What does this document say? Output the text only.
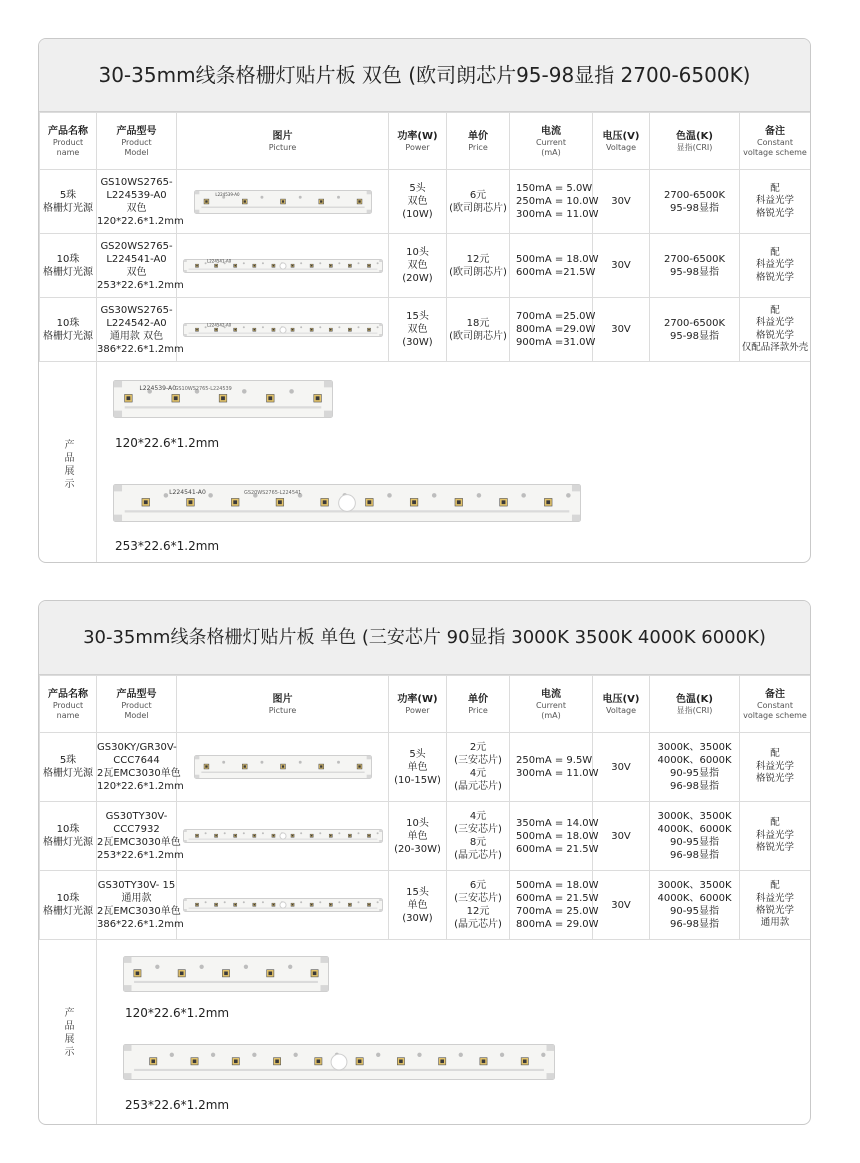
30-35mm线条格栅灯贴片板 双色 (欧司朗芯片95-98显指 2700-6500K)
产品名称
Product
name	产品型号
Product
Model	图片
Picture	功率(W)
Power	单价
Price	电流
Current
(mA)	电压(V)
Voltage	色温(K)
显指(CRI)	备注
Constant
voltage scheme

5珠
格栅灯光源	GS10WS2765-
L224539-A0
双色
120*22.6*1.2mm	L224539-A0	5头
双色
(10W)	6元
(欧司朗芯片)	150mA = 5.0W
250mA = 10.0W
300mA = 11.0W	30V	2700-6500K
95-98显指	配
科益光学
格锐光学

10珠
格栅灯光源	GS20WS2765-
L224541-A0
双色
253*22.6*1.2mm	L224541-A0	10头
双色
(20W)	12元
(欧司朗芯片)	500mA = 18.0W
600mA =21.5W	30V	2700-6500K
95-98显指	配
科益光学
格锐光学

10珠
格栅灯光源	GS30WS2765-
L224542-A0
通用款 双色
386*22.6*1.2mm	L224542-A0	15头
双色
(30W)	18元
(欧司朗芯片)	700mA =25.0W
800mA =29.0W
900mA =31.0W	30V	2700-6500K
95-98显指	配
科益光学
格锐光学
仅配品泽款外壳
产品展示
L224539-A0
GS10WS2765-L224539
120*22.6*1.2mm
L224541-A0	GS20WS2765-L224541
253*22.6*1.2mm
30-35mm线条格栅灯贴片板 单色 (三安芯片 90显指 3000K 3500K 4000K 6000K)
产品名称
Product
name	产品型号
Product
Model	图片
Picture	功率(W)
Power	单价
Price	电流
Current
(mA)	电压(V)
Voltage	色温(K)
显指(CRI)	备注
Constant
voltage scheme

5珠
格栅灯光源	GS30KY/GR30V-
CCC7644
2瓦EMC3030单色
120*22.6*1.2mm		5头
单色
(10-15W)	2元
(三安芯片)
4元
(晶元芯片)	250mA = 9.5W
300mA = 11.0W	30V	3000K、3500K
4000K、6000K
90-95显指
96-98显指	配
科益光学
格锐光学

10珠
格栅灯光源	GS30TY30V-
CCC7932
2瓦EMC3030单色
253*22.6*1.2mm		10头
单色
(20-30W)	4元
(三安芯片)
8元
(晶元芯片)	350mA = 14.0W
500mA = 18.0W
600mA = 21.5W	30V	3000K、3500K
4000K、6000K
90-95显指
96-98显指	配
科益光学
格锐光学

10珠
格栅灯光源	GS30TY30V- 15
通用款
2瓦EMC3030单色
386*22.6*1.2mm		15头
单色
(30W)	6元
(三安芯片)
12元
(晶元芯片)	500mA = 18.0W
600mA = 21.5W
700mA = 25.0W
800mA = 29.0W	30V	3000K、3500K
4000K、6000K
90-95显指
96-98显指	配
科益光学
格锐光学
通用款
产品展示	120*22.6*1.2mm
253*22.6*1.2mm
